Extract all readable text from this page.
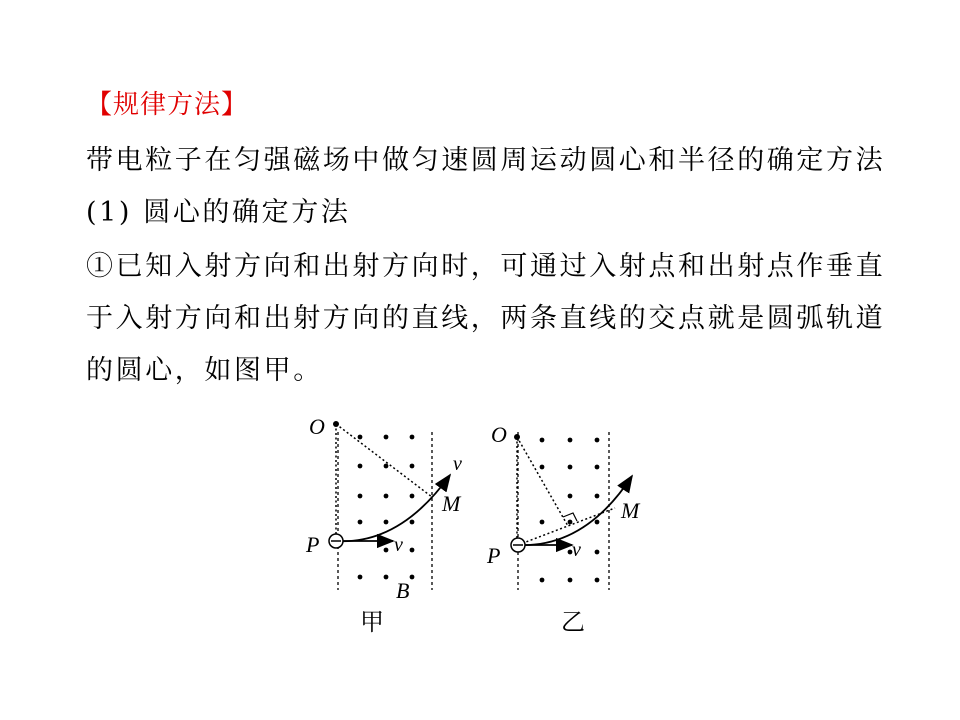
【规律方法】
带电粒子在匀强磁场中做匀速圆周运动圆心和半径的确定方法
(1) 圆心的确定方法
①已知入射方向和出射方向时，可通过入射点和出射点作垂直
于入射方向和出射方向的直线，两条直线的交点就是圆弧轨道
的圆心，如图甲。
O
P
M
v
v
B
甲
O
P
M
v
乙
